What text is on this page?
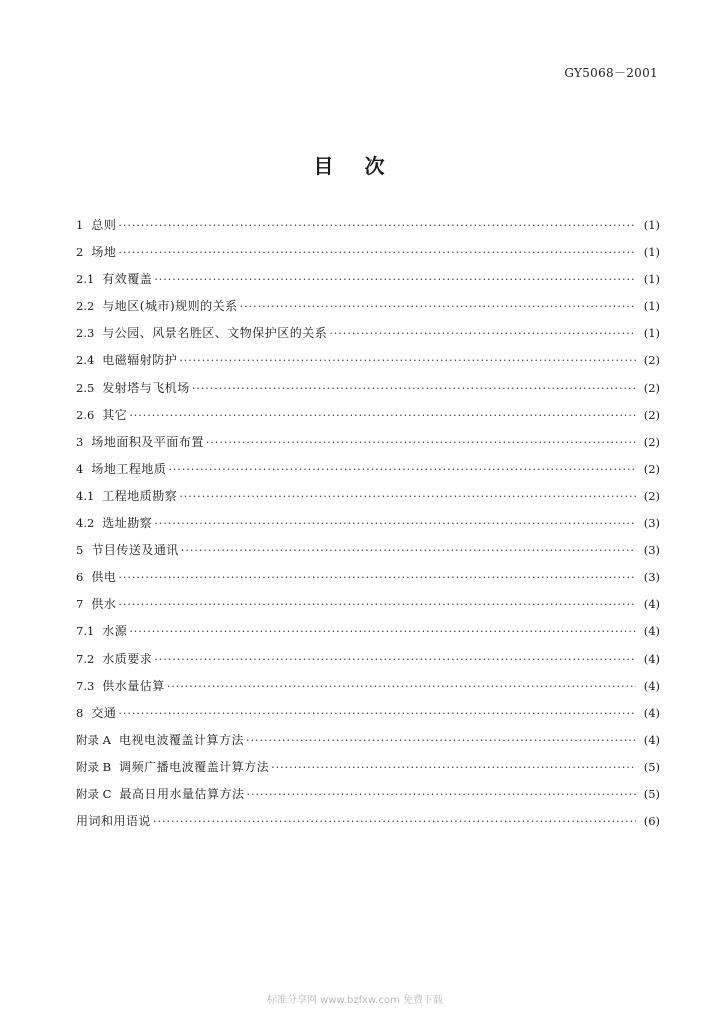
GY5068－2001
目 次
1 总则 ·····	(1)
2 场地 ·····	(1)
2.1 有效覆盖 ·····	(1)
2.2 与地区(城市)规则的关系 ·····	(1)
2.3 与公园、风景名胜区、文物保护区的关系 ·····	(1)
2.4 电磁辐射防护 ·····	(2)
2.5 发射塔与飞机场 ·····	(2)
2.6 其它 ·····	(2)
3 场地面积及平面布置 ·····	(2)
4 场地工程地质 ·····	(2)
4.1 工程地质勘察 ·····	(2)
4.2 选址勘察 ·····	(3)
5 节目传送及通讯 ·····	(3)
6 供电 ·····	(3)
7 供水 ·····	(4)
7.1 水源 ·····	(4)
7.2 水质要求 ·····	(4)
7.3 供水量估算 ·····	(4)
8 交通 ·····	(4)
附录 A 电视电波覆盖计算方法 ·····	(4)
附录 B 调频广播电波覆盖计算方法 ·····	(5)
附录 C 最高日用水量估算方法 ·····	(5)
用词和用语说 ·····	(6)
标准分享网 www.bzfxw.com 免费下载
